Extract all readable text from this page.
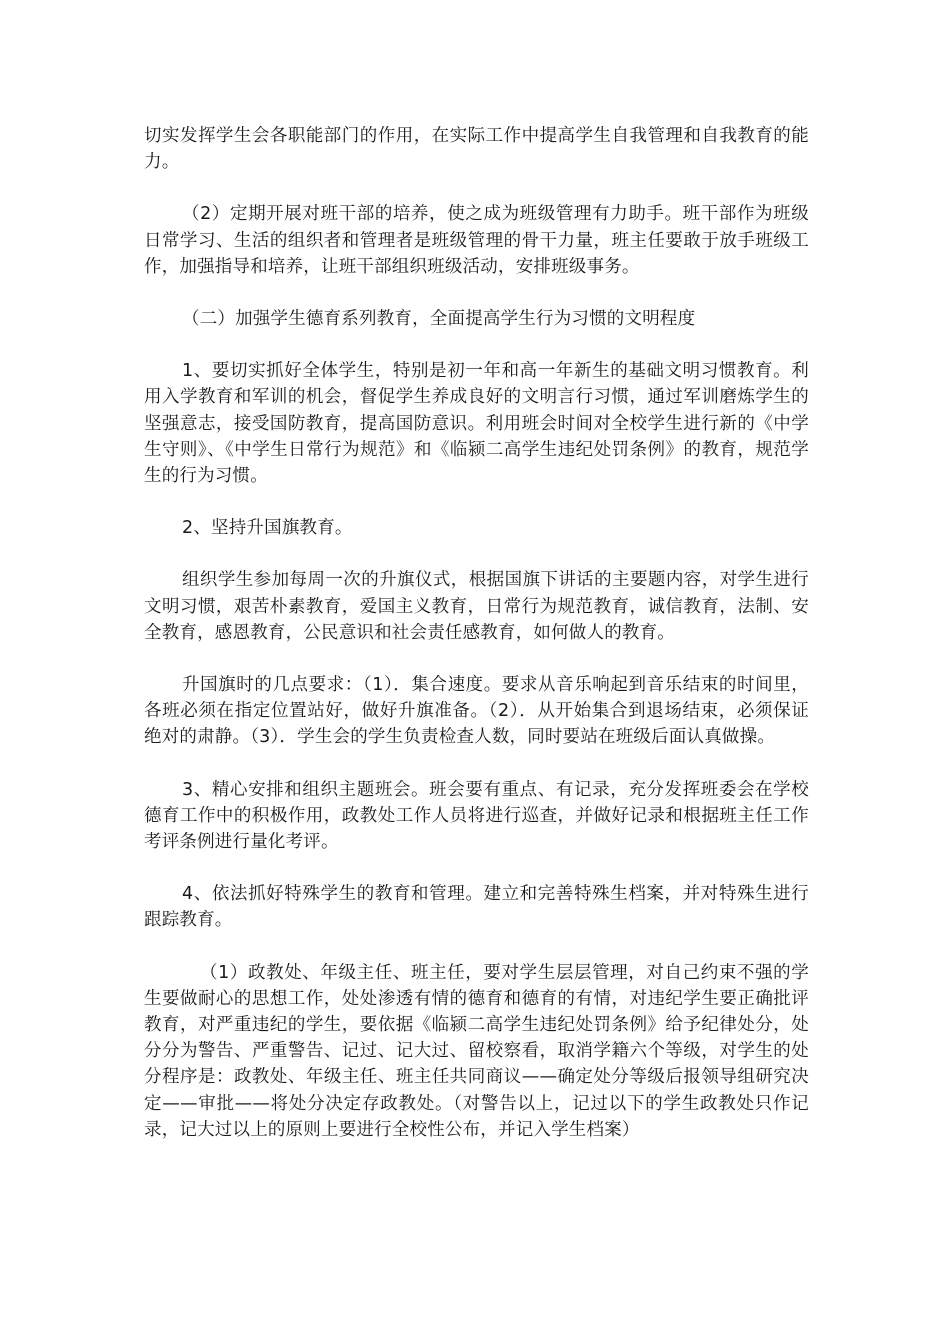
切实发挥学生会各职能部门的作用，在实际工作中提高学生自我管理和自我教育的能力。

（2）定期开展对班干部的培养，使之成为班级管理有力助手。班干部作为班级日常学习、生活的组织者和管理者是班级管理的骨干力量，班主任要敢于放手班级工作，加强指导和培养，让班干部组织班级活动，安排班级事务。

（二）加强学生德育系列教育，全面提高学生行为习惯的文明程度

1、要切实抓好全体学生，特别是初一年和高一年新生的基础文明习惯教育。利用入学教育和军训的机会，督促学生养成良好的文明言行习惯，通过军训磨炼学生的坚强意志，接受国防教育，提高国防意识。利用班会时间对全校学生进行新的《中学生守则》、《中学生日常行为规范》和《临颍二高学生违纪处罚条例》的教育，规范学生的行为习惯。

2、坚持升国旗教育。

组织学生参加每周一次的升旗仪式，根据国旗下讲话的主要题内容，对学生进行文明习惯，艰苦朴素教育，爱国主义教育，日常行为规范教育，诚信教育，法制、安全教育，感恩教育，公民意识和社会责任感教育，如何做人的教育。

升国旗时的几点要求：（1）．集合速度。要求从音乐响起到音乐结束的时间里，各班必须在指定位置站好，做好升旗准备。（2）．从开始集合到退场结束，必须保证绝对的肃静。（3）．学生会的学生负责检查人数，同时要站在班级后面认真做操。

3、精心安排和组织主题班会。班会要有重点、有记录，充分发挥班委会在学校德育工作中的积极作用，政教处工作人员将进行巡查，并做好记录和根据班主任工作考评条例进行量化考评。

4、依法抓好特殊学生的教育和管理。建立和完善特殊生档案，并对特殊生进行跟踪教育。

（1）政教处、年级主任、班主任，要对学生层层管理，对自己约束不强的学生要做耐心的思想工作，处处渗透有情的德育和德育的有情，对违纪学生要正确批评教育，对严重违纪的学生，要依据《临颍二高学生违纪处罚条例》给予纪律处分，处分分为警告、严重警告、记过、记大过、留校察看，取消学籍六个等级，对学生的处分程序是：政教处、年级主任、班主任共同商议——确定处分等级后报领导组研究决定——审批——将处分决定存政教处。（对警告以上，记过以下的学生政教处只作记录，记大过以上的原则上要进行全校性公布，并记入学生档案）
